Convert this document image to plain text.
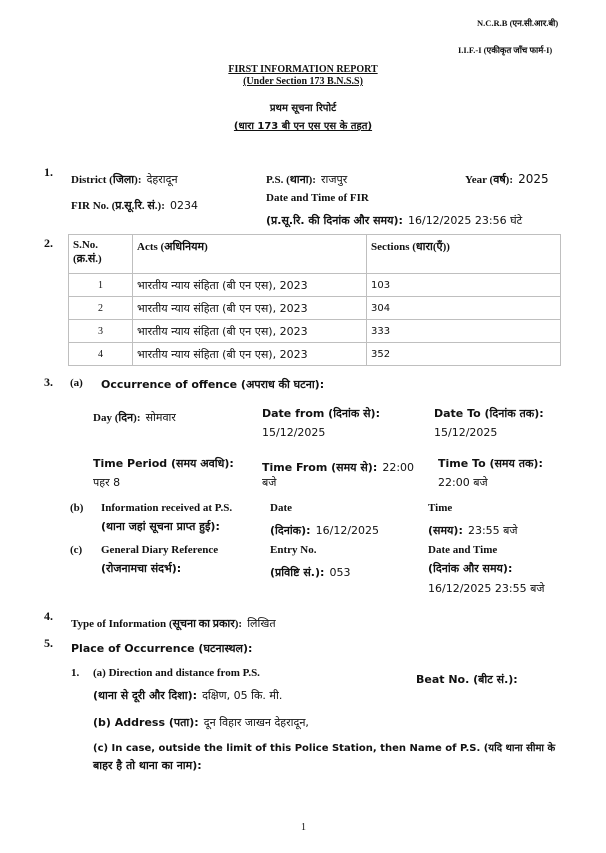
N.C.R.B (एन.सी.आर.बी)
I.I.F.-I (एकीकृत जाँच फार्म-I)
FIRST INFORMATION REPORT
(Under Section 173 B.N.S.S)
प्रथम सूचना रिपोर्ट
(धारा 173 बी एन एस एस के तहत)
1.
District (जिला): देहरादून	P.S. (थाना): राजपुर	Year (वर्ष): 2025
FIR No. (प्र.सू.रि. सं.): 0234
Date and Time of FIR
(प्र.सू.रि. की दिनांक और समय): 16/12/2025 23:56 घंटे
2. S.No.
(क्र.सं.)	Acts (अधिनियम)	Sections (धारा(एँ))
1	भारतीय न्याय संहिता (बी एन एस), 2023	103
2	भारतीय न्याय संहिता (बी एन एस), 2023	304
3	भारतीय न्याय संहिता (बी एन एस), 2023	333
4	भारतीय न्याय संहिता (बी एन एस), 2023	352
3. (a) Occurrence of offence (अपराध की घटना):
Day (दिन): सोमवार	Date from (दिनांक से):
15/12/2025
Date To (दिनांक तक):
15/12/2025
Time Period (समय अवधि):
पहर 8
Time From (समय से): 22:00
बजे
Time To (समय तक):
22:00 बजे
(b) Information received at P.S.
(थाना जहां सूचना प्राप्त हुई):
Date
(दिनांक): 16/12/2025
Time
(समय): 23:55 बजे
(c) General Diary Reference
(रोजनामचा संदर्भ):
Entry No.
(प्रविष्टि सं.): 053
Date and Time
(दिनांक और समय):
16/12/2025 23:55 बजे
4.
Type of Information (सूचना का प्रकार): लिखित
5. Place of Occurrence (घटनास्थल):
1. (a) Direction and distance from P.S.
(थाना से दूरी और दिशा): दक्षिण, 05 कि. मी.
Beat No. (बीट सं.):
(b) Address (पता): दून विहार जाखन देहरादून,
(c) In case, outside the limit of this Police Station, then Name of P.S. (यदि थाना सीमा के
बाहर है तो थाना का नाम):
1
